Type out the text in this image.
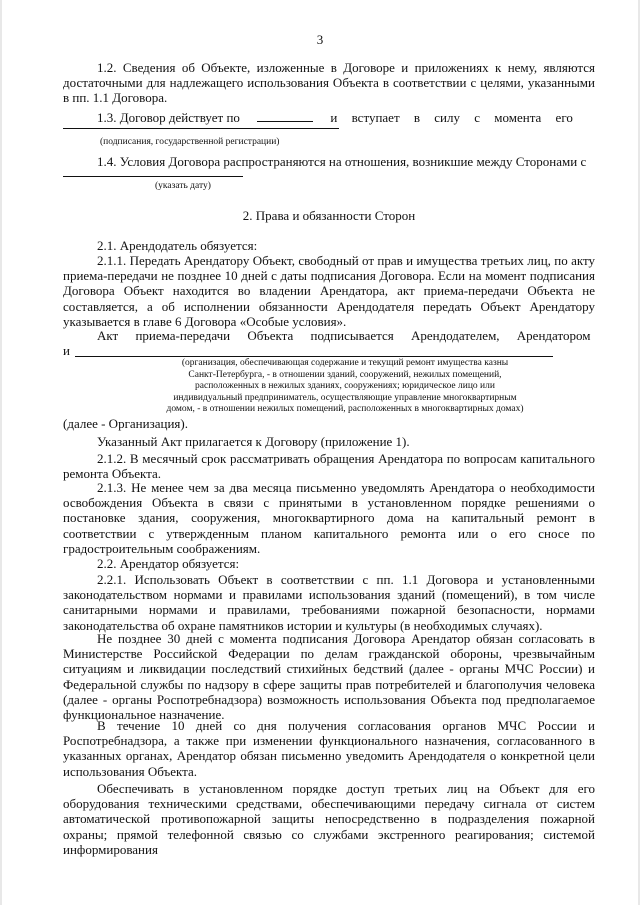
3

1.2. Сведения об Объекте, изложенные в Договоре и приложениях к нему, являются достаточными для надлежащего использования Объекта в соответствии с целями, указанными в пп. 1.1 Договора.

1.3. Договор действует по	и вступает в силу с момента его
(подписания, государственной регистрации)

1.4. Условия Договора распространяются на отношения, возникшие между Сторонами с

(указать дату)
2. Права и обязанности Сторон

2.1. Арендодатель обязуется:

2.1.1. Передать Арендатору Объект, свободный от прав и имущества третьих лиц, по акту приема-передачи не позднее 10 дней с даты подписания Договора. Если на момент подписания Договора Объект находится во владении Арендатора, акт приема-передачи Объекта не составляется, а об исполнении обязанности Арендодателя передать Объект Арендатору указывается в главе 6 Договора «Особые условия».

Акт приема-передачи Объекта подписывается Арендодателем, Арендатором
и
(организация, обеспечивающая содержание и текущий ремонт имущества казны
Санкт-Петербурга, - в отношении зданий, сооружений, нежилых помещений,
расположенных в нежилых зданиях, сооружениях; юридическое лицо или
индивидуальный предприниматель, осуществляющие управление многоквартирным
домом, - в отношении нежилых помещений, расположенных в многоквартирных домах)

(далее - Организация).

Указанный Акт прилагается к Договору (приложение 1).

2.1.2. В месячный срок рассматривать обращения Арендатора по вопросам капитального ремонта Объекта.

2.1.3. Не менее чем за два месяца письменно уведомлять Арендатора о необходимости освобождения Объекта в связи с принятыми в установленном порядке решениями о постановке здания, сооружения, многоквартирного дома на капитальный ремонт в соответствии с утвержденным планом капитального ремонта или о его сносе по градостроительным соображениям.

2.2. Арендатор обязуется:

2.2.1. Использовать Объект в соответствии с пп. 1.1 Договора и установленными законодательством нормами и правилами использования зданий (помещений), в том числе санитарными нормами и правилами, требованиями пожарной безопасности, нормами законодательства об охране памятников истории и культуры (в необходимых случаях).

Не позднее 30 дней с момента подписания Договора Арендатор обязан согласовать в Министерстве Российской Федерации по делам гражданской обороны, чрезвычайным ситуациям и ликвидации последствий стихийных бедствий (далее - органы МЧС России) и Федеральной службы по надзору в сфере защиты прав потребителей и благополучия человека (далее - органы Роспотребнадзора) возможность использования Объекта под предполагаемое функциональное назначение.

В течение 10 дней со дня получения согласования органов МЧС России и Роспотребнадзора, а также при изменении функционального назначения, согласованного в указанных органах, Арендатор обязан письменно уведомить Арендодателя о конкретной цели использования Объекта.

Обеспечивать в установленном порядке доступ третьих лиц на Объект для его оборудования техническими средствами, обеспечивающими передачу сигнала от систем автоматической противопожарной защиты непосредственно в подразделения пожарной охраны; прямой телефонной связью со службами экстренного реагирования; системой информирования
